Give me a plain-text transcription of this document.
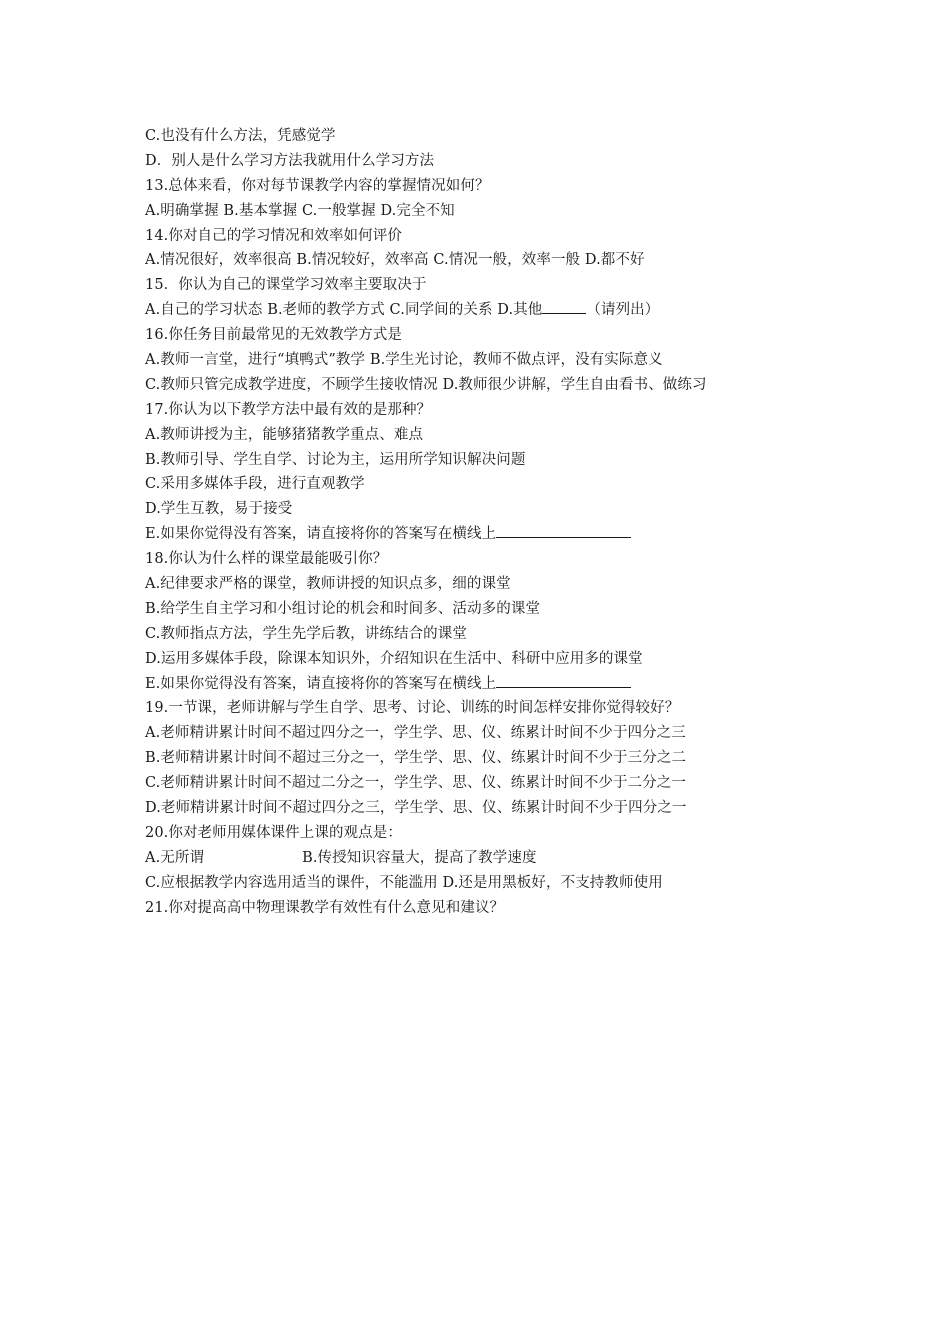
C.也没有什么方法，凭感觉学
D．别人是什么学习方法我就用什么学习方法
13.总体来看，你对每节课教学内容的掌握情况如何？
A.明确掌握 B.基本掌握 C.一般掌握 D.完全不知
14.你对自己的学习情况和效率如何评价
A.情况很好，效率很高 B.情况较好，效率高 C.情况一般，效率一般 D.都不好
15．你认为自己的课堂学习效率主要取决于
A.自己的学习状态 B.老师的教学方式 C.同学间的关系 D.其他	（请列出）
16.你任务目前最常见的无效教学方式是
A.教师一言堂，进行“填鸭式”教学 B.学生光讨论，教师不做点评，没有实际意义
C.教师只管完成教学进度，不顾学生接收情况 D.教师很少讲解，学生自由看书、做练习
17.你认为以下教学方法中最有效的是那种？
A.教师讲授为主，能够猪猪教学重点、难点
B.教师引导、学生自学、讨论为主，运用所学知识解决问题
C.采用多媒体手段，进行直观教学
D.学生互教，易于接受
E.如果你觉得没有答案，请直接将你的答案写在横线上
18.你认为什么样的课堂最能吸引你？
A.纪律要求严格的课堂，教师讲授的知识点多，细的课堂
B.给学生自主学习和小组讨论的机会和时间多、活动多的课堂
C.教师指点方法，学生先学后教，讲练结合的课堂
D.运用多媒体手段，除课本知识外，介绍知识在生活中、科研中应用多的课堂
E.如果你觉得没有答案，请直接将你的答案写在横线上
19.一节课，老师讲解与学生自学、思考、讨论、训练的时间怎样安排你觉得较好？
A.老师精讲累计时间不超过四分之一，学生学、思、仪、练累计时间不少于四分之三
B.老师精讲累计时间不超过三分之一，学生学、思、仪、练累计时间不少于三分之二
C.老师精讲累计时间不超过二分之一，学生学、思、仪、练累计时间不少于二分之一
D.老师精讲累计时间不超过四分之三，学生学、思、仪、练累计时间不少于四分之一
20.你对老师用媒体课件上课的观点是：
A.无所谓	B.传授知识容量大，提高了教学速度
C.应根据教学内容选用适当的课件，不能滥用 D.还是用黑板好，不支持教师使用
21.你对提高高中物理课教学有效性有什么意见和建议？
